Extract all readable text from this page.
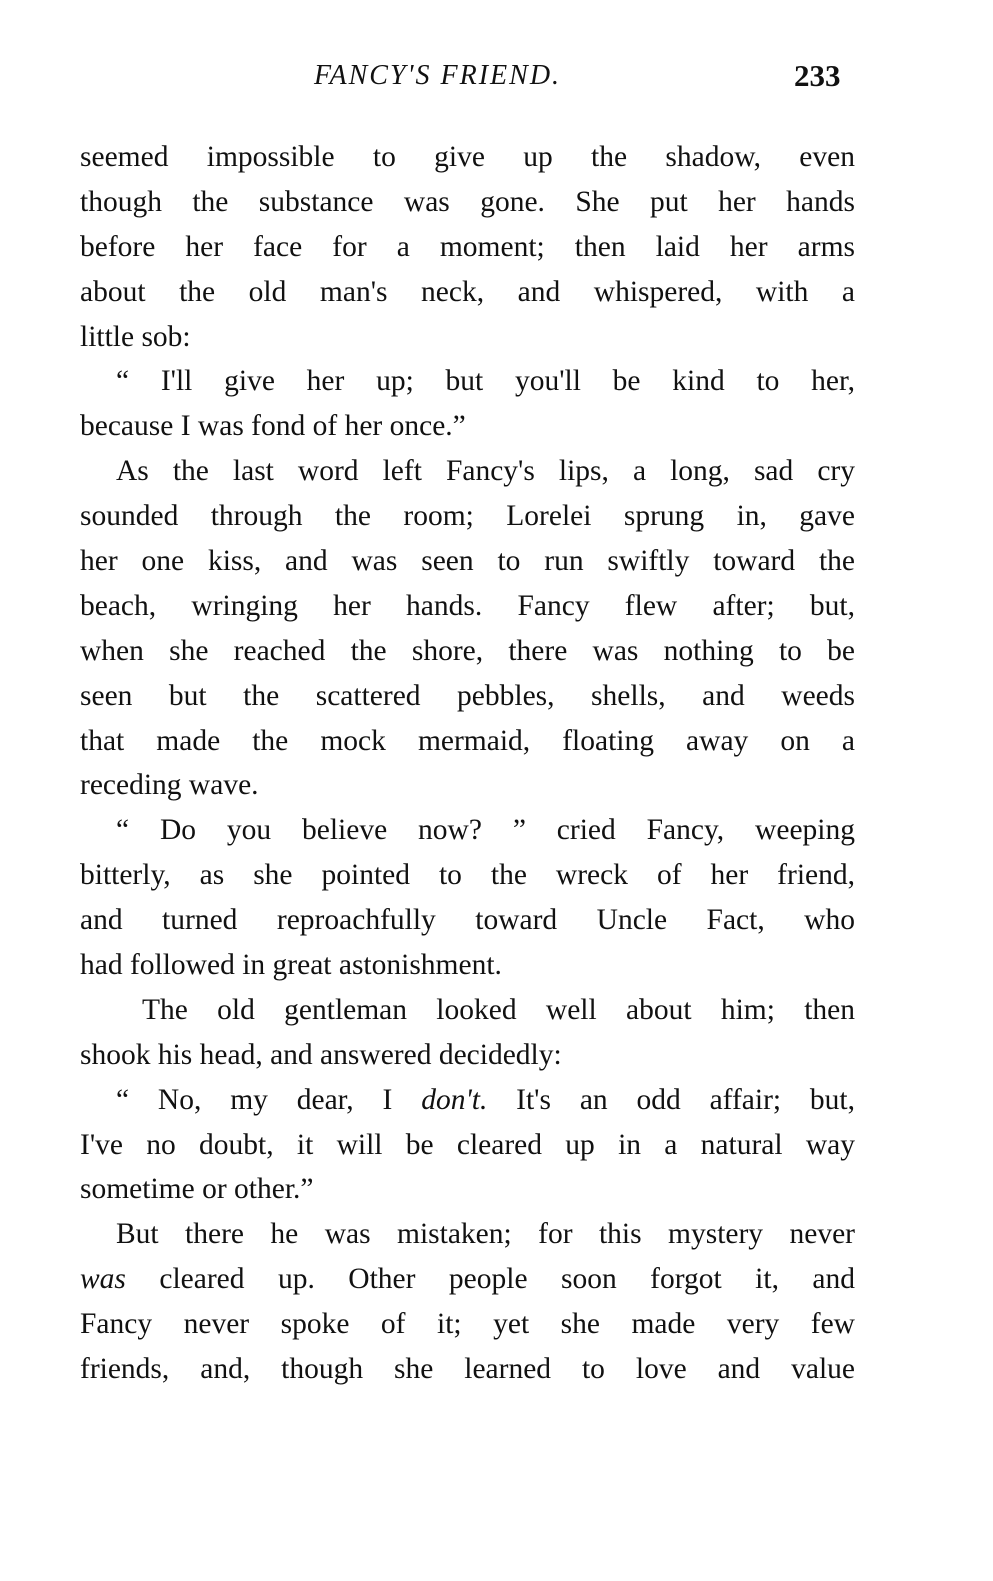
FANCY'S FRIEND.	233
seemed impossible to give up the shadow, even
though the substance was gone. She put her hands
before her face for a moment; then laid her arms
about the old man's neck, and whispered, with a
little sob:
“ I'll give her up; but you'll be kind to her,
because I was fond of her once.”
As the last word left Fancy's lips, a long, sad cry
sounded through the room; Lorelei sprung in, gave
her one kiss, and was seen to run swiftly toward the
beach, wringing her hands. Fancy flew after; but,
when she reached the shore, there was nothing to be
seen but the scattered pebbles, shells, and weeds
that made the mock mermaid, floating away on a
receding wave.
“ Do you believe now? ” cried Fancy, weeping
bitterly, as she pointed to the wreck of her friend,
and turned reproachfully toward Uncle Fact, who
had followed in great astonishment.
The old gentleman looked well about him; then
shook his head, and answered decidedly:
“ No, my dear, I don't. It's an odd affair; but,
I've no doubt, it will be cleared up in a natural way
sometime or other.”
But there he was mistaken; for this mystery never
was cleared up. Other people soon forgot it, and
Fancy never spoke of it; yet she made very few
friends, and, though she learned to love and value
